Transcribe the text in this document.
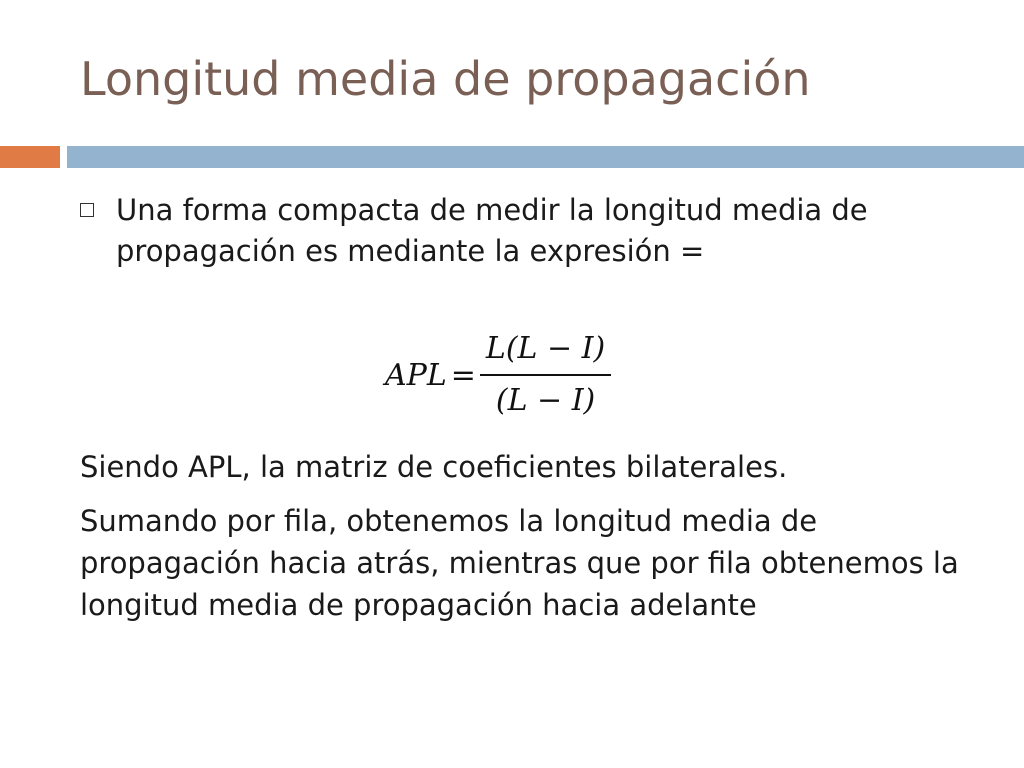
Longitud media de propagación

Una forma compacta de medir la longitud media de propagación es mediante la expresión =

APL = $\frac{L(L - I)}{(L - I)}$

Siendo APL, la matriz de coeficientes bilaterales.

Sumando por fila, obtenemos la longitud media de propagación hacia atrás, mientras que por fila obtenemos la longitud media de propagación hacia adelante
